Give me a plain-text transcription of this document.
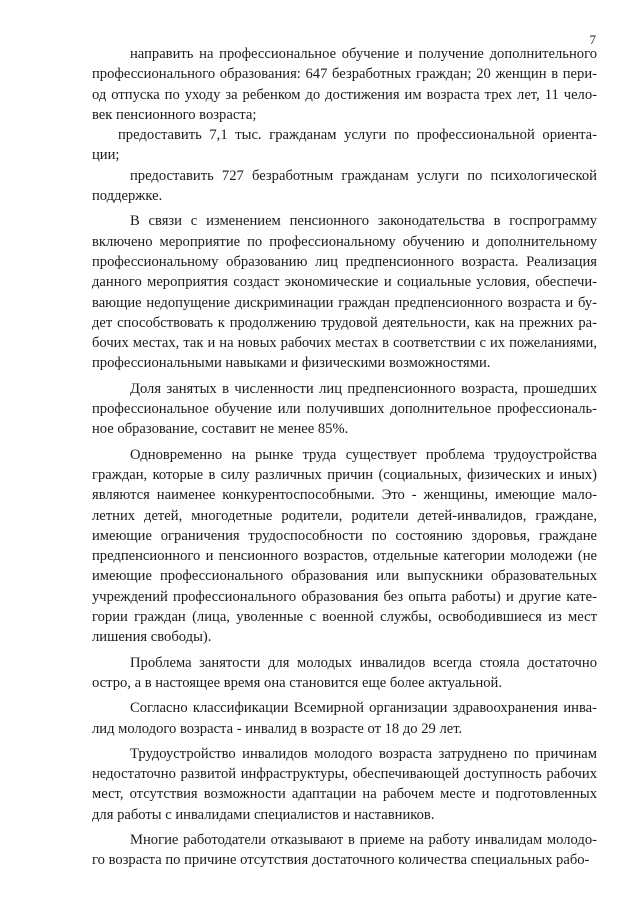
7
направить на профессиональное обучение и получение дополнительного
профессионального образования: 647 безработных граждан; 20 женщин в пери-
од отпуска по уходу за ребенком до достижения им возраста трех лет, 11 чело-
век пенсионного возраста;
предоставить 7,1 тыс. гражданам услуги по профессиональной ориента-
ции;
предоставить 727 безработным гражданам услуги по психологической
поддержке.
В связи с изменением пенсионного законодательства в госпрограмму
включено мероприятие по профессиональному обучению и дополнительному
профессиональному образованию лиц предпенсионного возраста. Реализация
данного мероприятия создаст экономические и социальные условия, обеспечи-
вающие недопущение дискриминации граждан предпенсионного возраста и бу-
дет способствовать к продолжению трудовой деятельности, как на прежних ра-
бочих местах, так и на новых рабочих местах в соответствии с их пожеланиями,
профессиональными навыками и физическими возможностями.
Доля занятых в численности лиц предпенсионного возраста, прошедших
профессиональное обучение или получивших дополнительное профессиональ-
ное образование, составит не менее 85%.
Одновременно на рынке труда существует проблема трудоустройства
граждан, которые в силу различных причин (социальных, физических и иных)
являются наименее конкурентоспособными. Это - женщины, имеющие мало-
летних детей, многодетные родители, родители детей-инвалидов, граждане,
имеющие ограничения трудоспособности по состоянию здоровья, граждане
предпенсионного и пенсионного возрастов, отдельные категории молодежи (не
имеющие профессионального образования или выпускники образовательных
учреждений профессионального образования без опыта работы) и другие кате-
гории граждан (лица, уволенные с военной службы, освободившиеся из мест
лишения свободы).
Проблема занятости для молодых инвалидов всегда стояла достаточно
остро, а в настоящее время она становится еще более актуальной.
Согласно классификации Всемирной организации здравоохранения инва-
лид молодого возраста - инвалид в возрасте от 18 до 29 лет.
Трудоустройство инвалидов молодого возраста затруднено по причинам
недостаточно развитой инфраструктуры, обеспечивающей доступность рабочих
мест, отсутствия возможности адаптации на рабочем месте и подготовленных
для работы с инвалидами специалистов и наставников.
Многие работодатели отказывают в приеме на работу инвалидам молодо-
го возраста по причине отсутствия достаточного количества специальных рабо-
